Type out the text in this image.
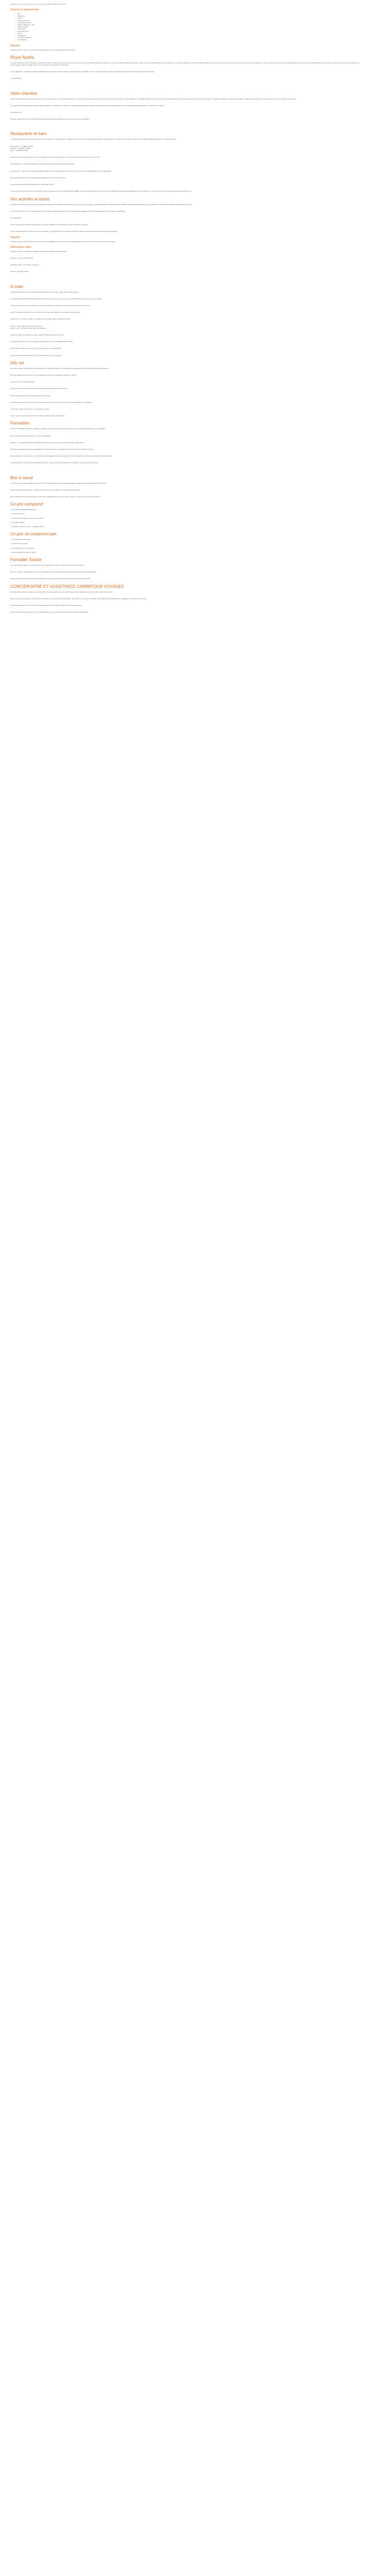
Description Ce prix comprend / Ce prix ne comprend pas Formalités Conciergerie
Services et équipements
• Wifi
• Restaurant
• Piscine
• Piscine extérieure
• Centre de bien-être
• Sauna - Hammam - Spa
• Salle de fitness
• Club enfant
• Terrain de sport
• Tennis
• Climatisation
• Accueil francophone
• Conciergerie
Résumé

Un hôtel à taille humaine et un personnel aux petits soins pour un séjour reposant de bien-être.

Royal Nozha

Cet hôtel traditionnel de 322 chambres, répartis dans 2 blocs indépendants, offre à ses hôtes le charme d'un style architectural arabo-mauresque et d'une décoration traditionnelle soignée, à deux pas d'un jardin méticuleusement entretenu. Vous aurez le plaisir de profiter d'un accueil chaleureux et d'un personnel aux petits soins pour rendre votre séjour inoubliable. La piscine, le spa, les restaurants et l'emplacement font de cet hôtel un choix idéal pour des vacances en famille, entre amis ou en couple. Il est situé à quelques pas de la plage, dans une zone calme et verdoyante de Hammamet.

A votre disposition : restaurant principal, restaurants à la carte, bars, piscine extérieure, piscine intérieure chauffée en hiver, centre de thalasso et spa, terrains de sport et animations en journée comme en soirée.

Tout supplément

Votre chambre

Après plusieurs heures de soleil à la plage ou au bord de la piscine, une journée d'exploration ou une soirée en ville, la chambre vous permet de vous reposer dans un cadre agréable et confortable. Spacieuses et lumineuses, les chambres disposent de tout le nécessaire pour un séjour réussi : climatisation, téléphone, télévision par satellite, minibar, salle de bain avec sèche-cheveux, coffre-fort et balcon ou terrasse.

Les chambres standard peuvent accueillir jusqu'à 3 adultes ou 2 adultes et 2 enfants. Les chambres familiales, plus grandes, disposent de deux pièces séparées et peuvent accueillir jusqu'à 4 adultes ou 2 adultes et 3 enfants.

Tout supplément

Chambre double vue mer et chambre individuelle disponibles avec supplément (sur demande et selon disponibilité).

Restaurants et bars

Un restaurant principal vous accueille sous forme de buffet pour le petit-déjeuner, le déjeuner et le dîner, avec des spécialités locales et internationales. Un restaurant à la carte vous propose des plats méditerranéens dans un cadre chaleureux.

Petit déjeuner : de 06h30 à 9h30
Déjeuner : de 12h30 à 14h30
Dîner : de 19h00 à 21h30

Des bars sont à votre disposition pour vous rafraîchir tout au long de la journée : le bar de la piscine, le bar lounge et le bar du hall.

Une collation vous est servie l'après-midi. Le Royal Nozha vous propose la formule tout inclus.

Au programme : crêpes, mini-pizzas, sandwichs, pâtisseries, ainsi que des glaces pour les enfants ; boissons locales alcoolisées et non alcoolisées.

Dans un esprit familial, le restaurant organise régulièrement des soirées à thème.

Vous aurez aussi l'opportunité de profiter du Café Maure Nozha.

A noter que la formule tout inclus comprend les boissons locales servies aux bars de 10h00 à 23h00. Les boissons importées et les boissons en bouteille ainsi que certaines prestations sont en supplément. Le port d'une tenue correcte est exigé au restaurant le soir.

Vos activités et loisirs

Une équipe d'animation vous propose des activités sportives et des divertissements tout au long de la journée : aquagym, volley-ball, fléchettes, pétanque, tennis de table, ainsi que des spectacles et soirées animées. Un club enfant accueille vos petits de 4 à 12 ans.

Un centre de remise en forme avec hammam, sauna, jacuzzi et salle de fitness est à votre disposition. Massages, soins et balnéothérapie sont proposés en supplément.

Tout supplément

A noter que certaines activités sont payantes et que les installations et les activités peuvent varier selon la saison.

Plus de renseignements sur place auprès de la réception. La plage privée est équipée de transats et parasols gratuits, dans la limite des places disponibles.

Situation

L'hôtel est situé à environ 75 km de l'aéroport de Tunis-Carthage, à environ 60 km de l'aéroport d'Enfidha et à environ 3 km du centre-ville de Hammamet.

Informations utiles

Langues parlées : le français et l'anglais sont couramment parlés par le personnel.

Monnaie : le dinar tunisien (TND)

Décalage horaire : 0h en hiver, -1h en été

Office du tourisme tunisien

A noter

Un transfert aller/retour est inclus depuis l'aéroport jusqu'à votre hôtel. Il s'agit d'un transfert collectif.

Le nombre d'étoiles attribué à chaque hôtel correspond aux normes du pays concerné. La classification peut varier d'un pays à l'autre.

L'hôtel se réserve le droit de modifier les horaires d'ouverture des restaurants, des bars et des activités sans préavis.

Selon le règlement de l'hôtel, le port du bracelet tout inclus est obligatoire pour profiter des prestations.

A partir de 11 ou 12 ans, l'enfant est considéré comme adulte dans la plupart des hôtels.

Hôtel 3* : 1 dîner offert par nuit et par personne
Hôtel 4* et 5* : 1 dîner offert par nuit et par personne

La taxe de séjour est payable sur place, à régler directement auprès de l'hôtel.

Les horaires des vols sont communiqués à titre indicatif et sont susceptibles d'être modifiés.

Les prestations proposées peuvent varier selon la saison et la disponibilité.

La date de départ est calculée sur le nombre de nuitées et non de journées.

Info vol

Vous serez avertis des horaires de vol quelques jours avant votre départ. Les compagnies aériennes peuvent modifier les horaires sans préavis.

Pour des départs depuis la France, vous voyagerez à bord d'une compagnie régulière ou charter.

Le type de vol est connu à l'avance.

Vous êtes tenu de vous présenter à l'aéroport 2 heures avant le départ de votre vol.

Le prix de la taxe aéroport est inclus dans le prix du séjour.

Les horaires proposés au moment de votre réservation sont donnés à titre indicatif et sont susceptibles de modifications.

Les horaires retour peuvent être communiqués sur place.

A noter que vous devez respecter les formalités d'entrée du pays de destination.

Formalités

Pour les ressortissants français : passeport valide au moins 3 mois après la date de retour ou carte nationale d'identité en cours de validité.

Pour un séjour de plus de trois mois, un visa est obligatoire.

Attention : nous déclinons toute responsabilité en cas de non possession des documents de voyage valides.

Pour les ressortissants d'une autre nationalité, il est nécessaire de se renseigner auprès du consulat de Tunisie en France.

Dans le cadre d'un voyage avec un enfant mineur accompagné d'un seul de ses parents, une autorisation de sortie du territoire peut être demandée.

Les informations ci-dessus sont susceptibles d'évoluer ; nous vous invitons à vérifier les formalités en vigueur avant votre départ.

Bon à savoir

La Tunisie est un pays de tradition musulmane et il convient de respecter les coutumes locales, notamment lors de la visite de lieux de culte.

Pendant la période de ramadan, certains services peuvent être modifiés et certaines activités réduites.

Pour profiter pleinement de votre séjour, nous vous conseillons d'emporter une crème solaire, un chapeau et des lunettes de soleil.

Ce prix comprend

- Les transferts aéroport/hôtel/aéroport

- Les taxes aéroport

- L'hébergement à l'hôtel en formule "tout inclus"

- Le vol Aller / Retour

- 1 bagage de 23 kg en soute + 1 bagage cabine

Ce prix ne comprend pas

- Les dépenses personnelles

- Les assurances voyage

- Les prestations non mentionnées

- La taxe de séjour à régler sur place

Formalité Tunisie

Les ressortissants français doivent être munis d'un passeport en cours de validité pour entrer sur le territoire.

Pour les mineurs, une autorisation de sortie du territoire et la copie de la pièce d'identité du parent signataire sont demandées.

Nous vous invitons à vérifier les formalités d'entrée sur le site du ministère des affaires étrangères avant votre départ.

CONCIERGERIE ET ASSISTANCE CARREFOUR VOYAGES

En choisissant Carrefour Voyages, vous bénéficiez d'une conciergerie pour vous accompagner dans l'organisation de votre séjour, avant votre départ.

Notre équipe de conciergerie se tient à votre disposition pour toute demande particulière : réservation de restaurant, d'activités, de transferts supplémentaires ou organisation d'un évènement spécial.

Vos notes applicables vous ont été communiquées dans votre carnet de voyage lors de votre réservation.

Les conciergeries sont ouvertes 7j/7, et disponibles pour répondre à vos questions avant et pendant votre voyage.
